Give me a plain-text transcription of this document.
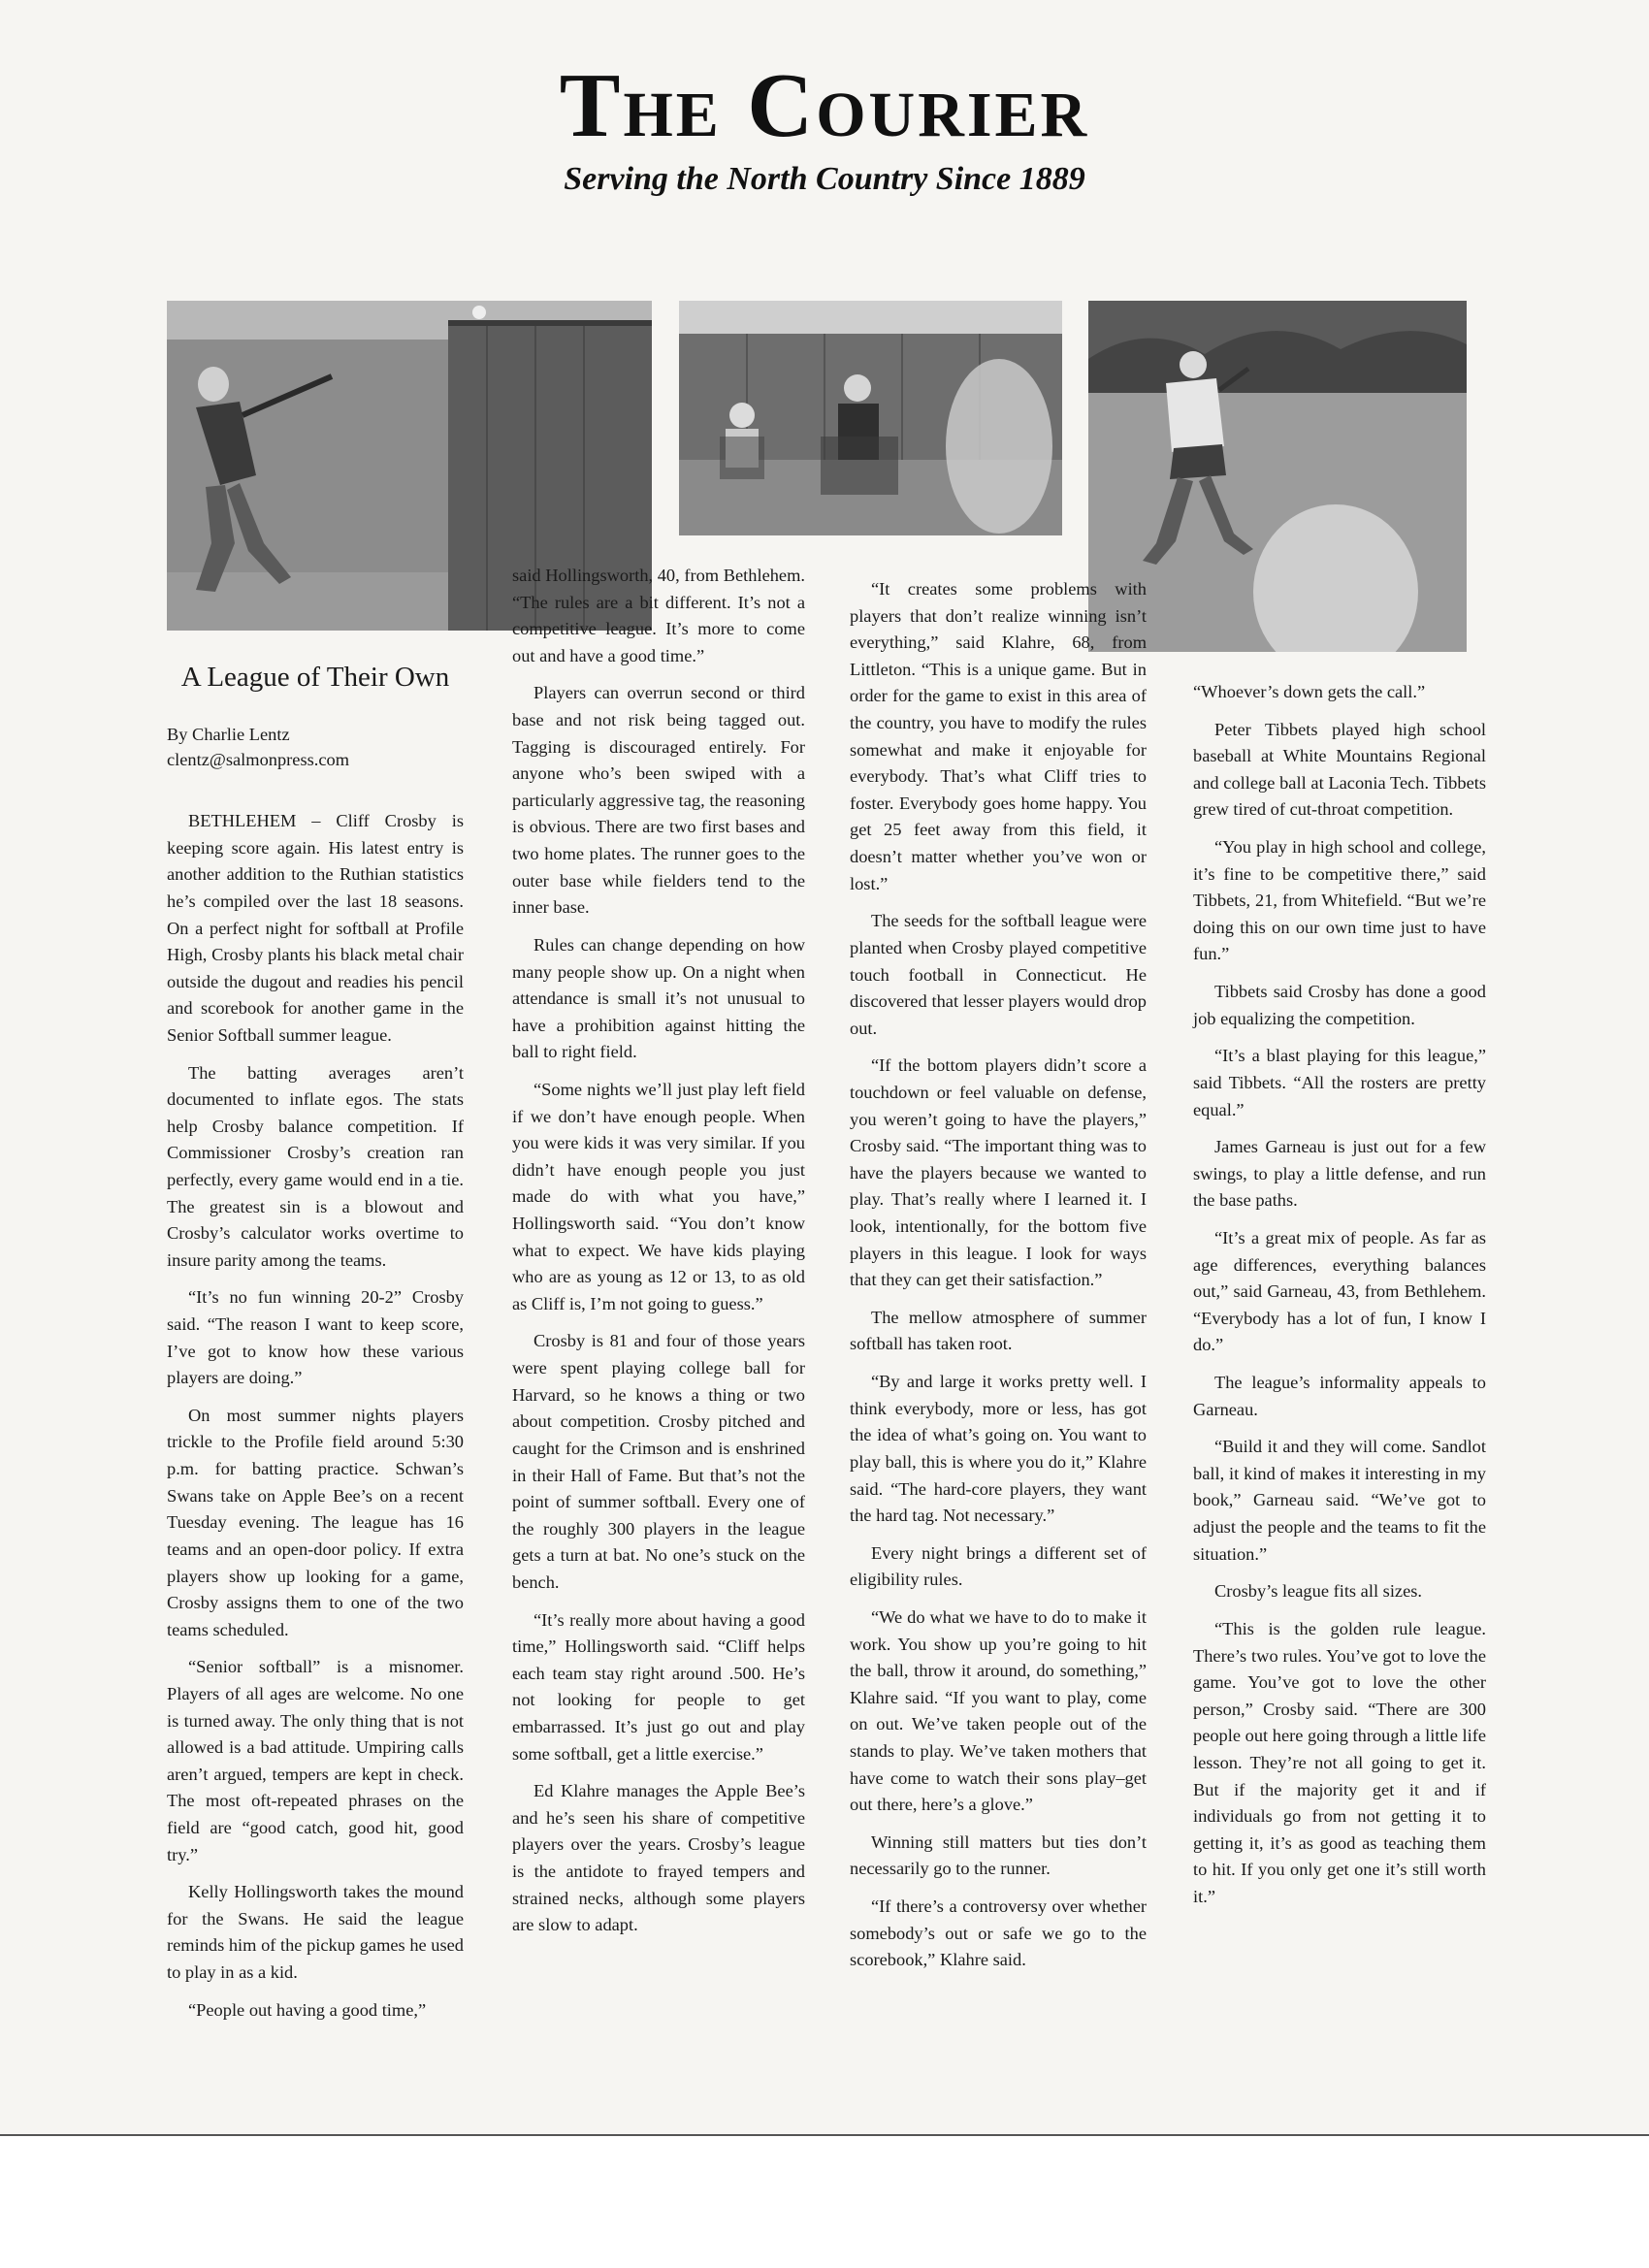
The Courier
Serving the North Country Since 1889
A League of Their Own
By Charlie Lentz
clentz@salmonpress.com

BETHLEHEM – Cliff Crosby is keeping score again. His latest entry is another addition to the Ruthian statistics he’s compiled over the last 18 seasons. On a perfect night for softball at Profile High, Crosby plants his black metal chair outside the dugout and readies his pencil and scorebook for another game in the Senior Softball summer league.

The batting averages aren’t documented to inflate egos. The stats help Crosby balance competition. If Commissioner Crosby’s creation ran perfectly, every game would end in a tie. The greatest sin is a blowout and Crosby’s calculator works overtime to insure parity among the teams.

“It’s no fun winning 20-2” Crosby said. “The reason I want to keep score, I’ve got to know how these various players are doing.”

On most summer nights players trickle to the Profile field around 5:30 p.m. for batting practice. Schwan’s Swans take on Apple Bee’s on a recent Tuesday evening. The league has 16 teams and an open-door policy. If extra players show up looking for a game, Crosby assigns them to one of the two teams scheduled.

“Senior softball” is a misnomer. Players of all ages are welcome. No one is turned away. The only thing that is not allowed is a bad attitude. Umpiring calls aren’t argued, tempers are kept in check. The most oft-repeated phrases on the field are “good catch, good hit, good try.”

Kelly Hollingsworth takes the mound for the Swans. He said the league reminds him of the pickup games he used to play in as a kid.

“People out having a good time,”

said Hollingsworth, 40, from Bethlehem. “The rules are a bit different. It’s not a competitive league. It’s more to come out and have a good time.”

Players can overrun second or third base and not risk being tagged out. Tagging is discouraged entirely. For anyone who’s been swiped with a particularly aggressive tag, the reasoning is obvious. There are two first bases and two home plates. The runner goes to the outer base while fielders tend to the inner base.

Rules can change depending on how many people show up. On a night when attendance is small it’s not unusual to have a prohibition against hitting the ball to right field.

“Some nights we’ll just play left field if we don’t have enough people. When you were kids it was very similar. If you didn’t have enough people you just made do with what you have,” Hollingsworth said. “You don’t know what to expect. We have kids playing who are as young as 12 or 13, to as old as Cliff is, I’m not going to guess.”

Crosby is 81 and four of those years were spent playing college ball for Harvard, so he knows a thing or two about competition. Crosby pitched and caught for the Crimson and is enshrined in their Hall of Fame. But that’s not the point of summer softball. Every one of the roughly 300 players in the league gets a turn at bat. No one’s stuck on the bench.

“It’s really more about having a good time,” Hollingsworth said. “Cliff helps each team stay right around .500. He’s not looking for people to get embarrassed. It’s just go out and play some softball, get a little exercise.”

Ed Klahre manages the Apple Bee’s and he’s seen his share of competitive players over the years. Crosby’s league is the antidote to frayed tempers and strained necks, although some players are slow to adapt.

“It creates some problems with players that don’t realize winning isn’t everything,” said Klahre, 68, from Littleton. “This is a unique game. But in order for the game to exist in this area of the country, you have to modify the rules somewhat and make it enjoyable for everybody. That’s what Cliff tries to foster. Everybody goes home happy. You get 25 feet away from this field, it doesn’t matter whether you’ve won or lost.”

The seeds for the softball league were planted when Crosby played competitive touch football in Connecticut. He discovered that lesser players would drop out.

“If the bottom players didn’t score a touchdown or feel valuable on defense, you weren’t going to have the players,” Crosby said. “The important thing was to have the players because we wanted to play. That’s really where I learned it. I look, intentionally, for the bottom five players in this league. I look for ways that they can get their satisfaction.”

The mellow atmosphere of summer softball has taken root.

“By and large it works pretty well. I think everybody, more or less, has got the idea of what’s going on. You want to play ball, this is where you do it,” Klahre said. “The hard-core players, they want the hard tag. Not necessary.”

Every night brings a different set of eligibility rules.

“We do what we have to do to make it work. You show up you’re going to hit the ball, throw it around, do something,” Klahre said. “If you want to play, come on out. We’ve taken people out of the stands to play. We’ve taken mothers that have come to watch their sons play–get out there, here’s a glove.”

Winning still matters but ties don’t necessarily go to the runner.

“If there’s a controversy over whether somebody’s out or safe we go to the scorebook,” Klahre said.

“Whoever’s down gets the call.”

Peter Tibbets played high school baseball at White Mountains Regional and college ball at Laconia Tech. Tibbets grew tired of cut-throat competition.

“You play in high school and college, it’s fine to be competitive there,” said Tibbets, 21, from Whitefield. “But we’re doing this on our own time just to have fun.”

Tibbets said Crosby has done a good job equalizing the competition.

“It’s a blast playing for this league,” said Tibbets. “All the rosters are pretty equal.”

James Garneau is just out for a few swings, to play a little defense, and run the base paths.

“It’s a great mix of people. As far as age differences, everything balances out,” said Garneau, 43, from Bethlehem. “Everybody has a lot of fun, I know I do.”

The league’s informality appeals to Garneau.

“Build it and they will come. Sandlot ball, it kind of makes it interesting in my book,” Garneau said. “We’ve got to adjust the people and the teams to fit the situation.”

Crosby’s league fits all sizes.

“This is the golden rule league. There’s two rules. You’ve got to love the game. You’ve got to love the other person,” Crosby said. “There are 300 people out here going through a little life lesson. They’re not all going to get it. But if the majority get it and if individuals go from not getting it to getting it, it’s as good as teaching them to hit. If you only get one it’s still worth it.”
